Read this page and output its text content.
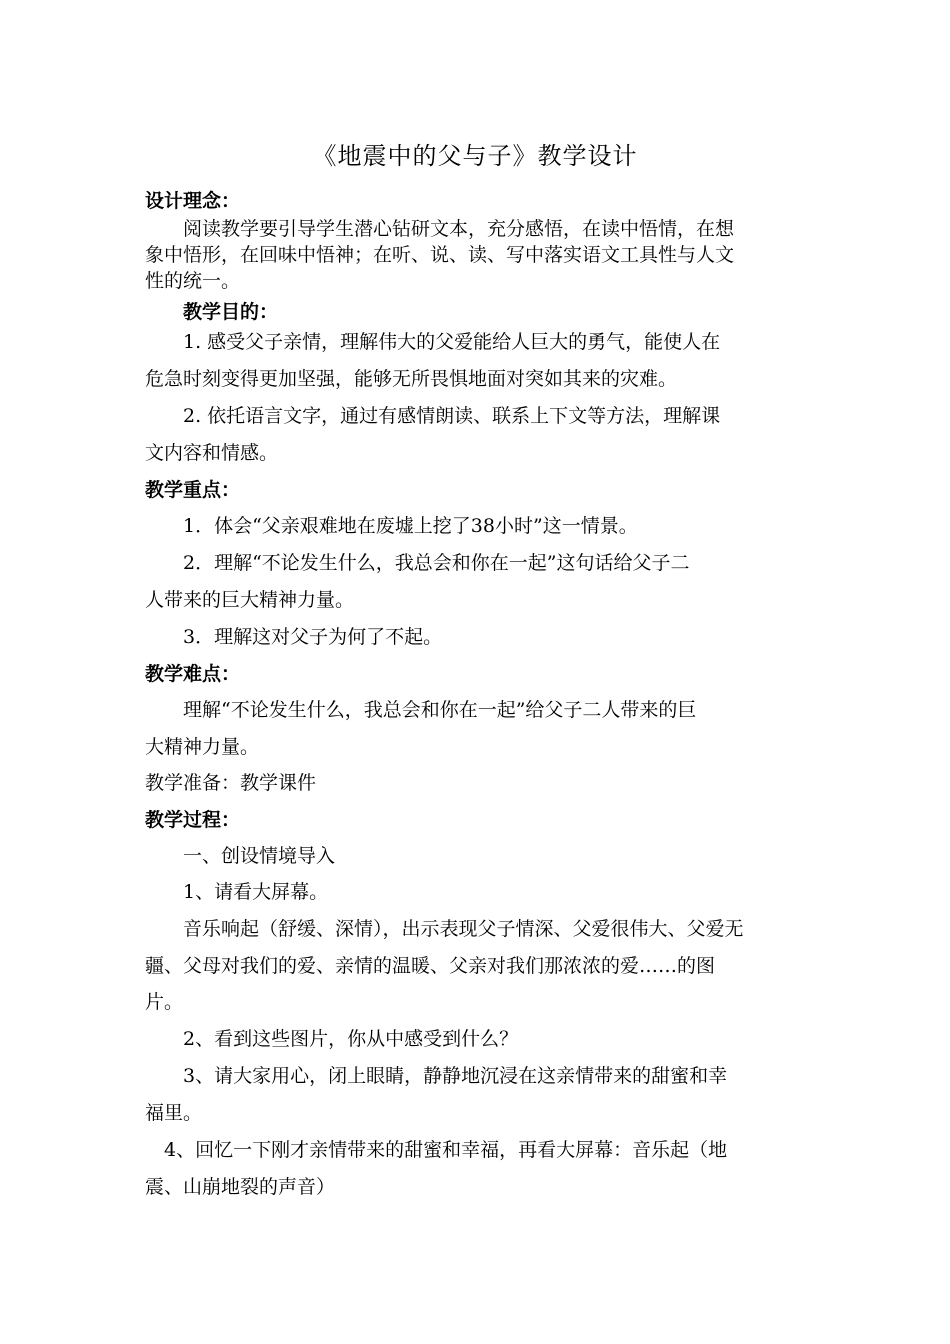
《地震中的父与子》教学设计
设计理念：
　　阅读教学要引导学生潜心钻研文本，充分感悟，在读中悟情，在想
象中悟形，在回味中悟神；在听、说、读、写中落实语文工具性与人文
性的统一。
　　教学目的：
　　1. 感受父子亲情，理解伟大的父爱能给人巨大的勇气，能使人在
危急时刻变得更加坚强，能够无所畏惧地面对突如其来的灾难。
　　2. 依托语言文字，通过有感情朗读、联系上下文等方法，理解课
文内容和情感。
教学重点：
　　1．体会“父亲艰难地在废墟上挖了38小时”这一情景。
　　2．理解“不论发生什么，我总会和你在一起”这句话给父子二
人带来的巨大精神力量。
　　3．理解这对父子为何了不起。
教学难点：
　　理解“不论发生什么，我总会和你在一起”给父子二人带来的巨
大精神力量。
教学准备：教学课件
教学过程：
　　一、创设情境导入
　　1、请看大屏幕。
　　音乐响起（舒缓、深情），出示表现父子情深、父爱很伟大、父爱无
疆、父母对我们的爱、亲情的温暖、父亲对我们那浓浓的爱……的图
片。
　　2、看到这些图片，你从中感受到什么？
　　3、请大家用心，闭上眼睛，静静地沉浸在这亲情带来的甜蜜和幸
福里。
　4、回忆一下刚才亲情带来的甜蜜和幸福，再看大屏幕：音乐起（地
震、山崩地裂的声音）
